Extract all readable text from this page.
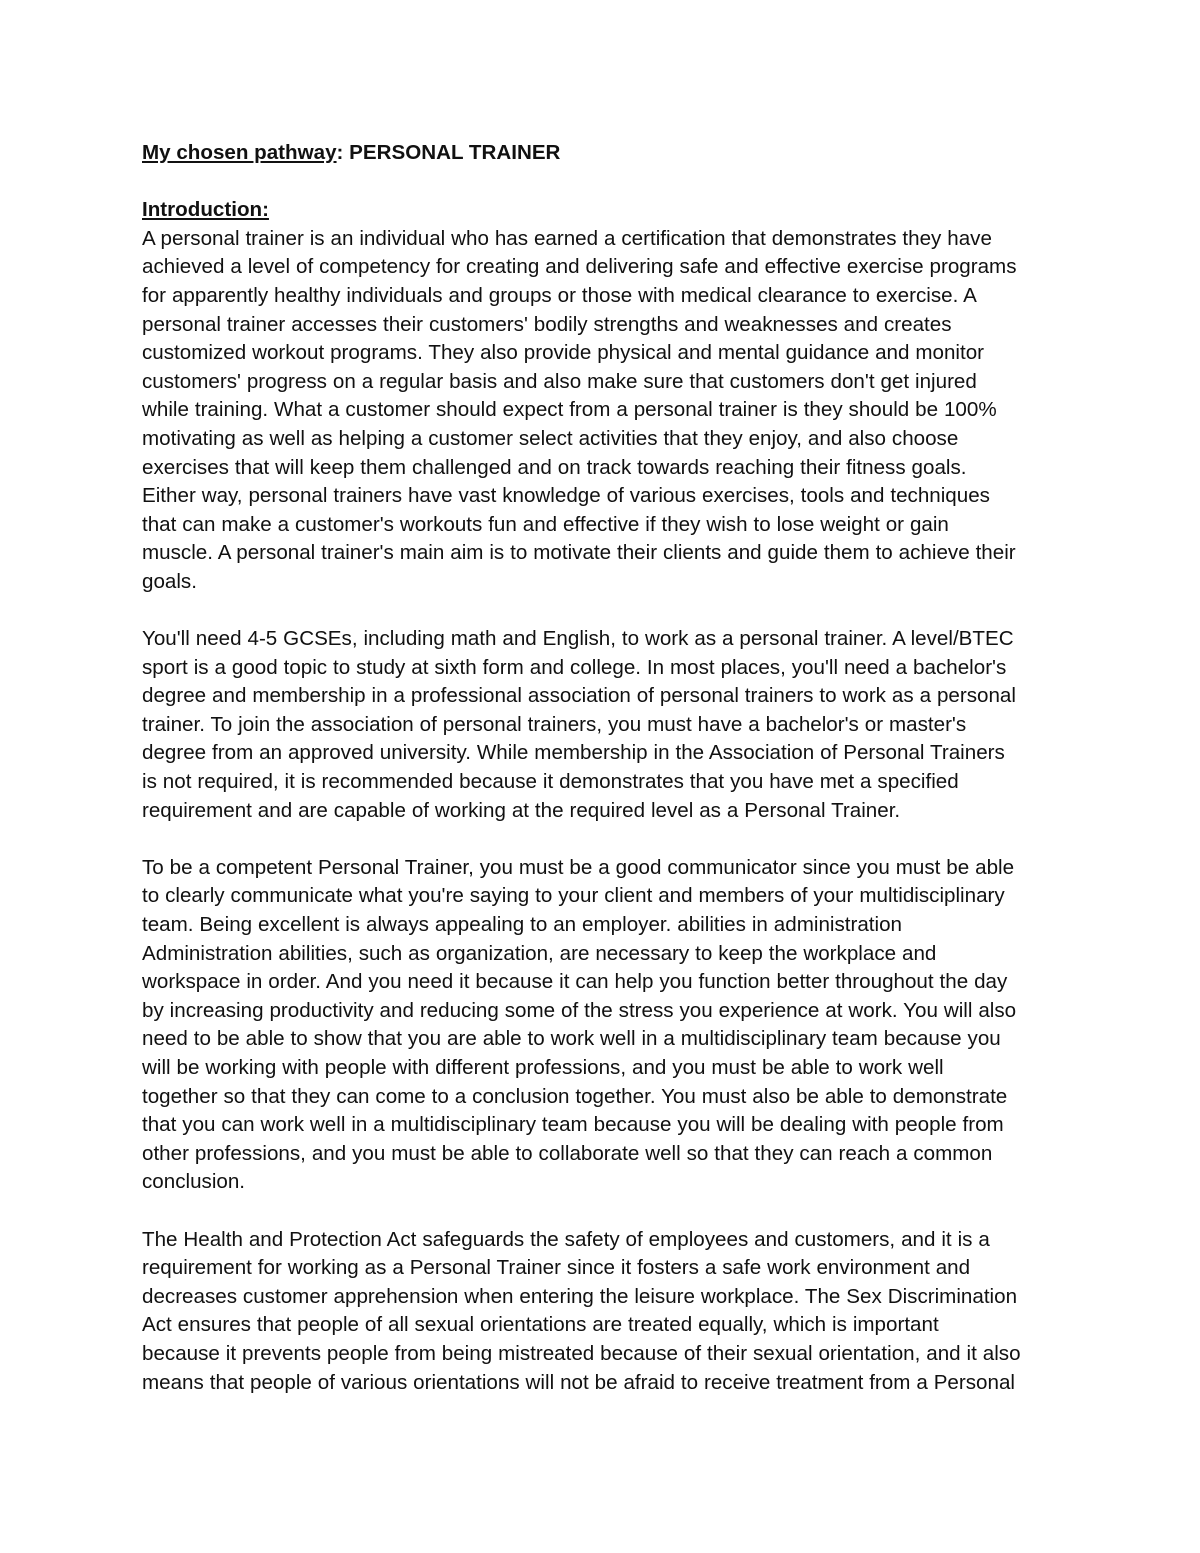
My chosen pathway: PERSONAL TRAINER
Introduction:

A personal trainer is an individual who has earned a certification that demonstrates they have
achieved a level of competency for creating and delivering safe and effective exercise programs
for apparently healthy individuals and groups or those with medical clearance to exercise. A
personal trainer accesses their customers' bodily strengths and weaknesses and creates
customized workout programs. They also provide physical and mental guidance and monitor
customers' progress on a regular basis and also make sure that customers don't get injured
while training. What a customer should expect from a personal trainer is they should be 100%
motivating as well as helping a customer select activities that they enjoy, and also choose
exercises that will keep them challenged and on track towards reaching their fitness goals.
Either way, personal trainers have vast knowledge of various exercises, tools and techniques
that can make a customer's workouts fun and effective if they wish to lose weight or gain
muscle. A personal trainer's main aim is to motivate their clients and guide them to achieve their
goals.

You'll need 4-5 GCSEs, including math and English, to work as a personal trainer. A level/BTEC
sport is a good topic to study at sixth form and college. In most places, you'll need a bachelor's
degree and membership in a professional association of personal trainers to work as a personal
trainer. To join the association of personal trainers, you must have a bachelor's or master's
degree from an approved university. While membership in the Association of Personal Trainers
is not required, it is recommended because it demonstrates that you have met a specified
requirement and are capable of working at the required level as a Personal Trainer.

To be a competent Personal Trainer, you must be a good communicator since you must be able
to clearly communicate what you're saying to your client and members of your multidisciplinary
team. Being excellent is always appealing to an employer. abilities in administration
Administration abilities, such as organization, are necessary to keep the workplace and
workspace in order. And you need it because it can help you function better throughout the day
by increasing productivity and reducing some of the stress you experience at work. You will also
need to be able to show that you are able to work well in a multidisciplinary team because you
will be working with people with different professions, and you must be able to work well
together so that they can come to a conclusion together. You must also be able to demonstrate
that you can work well in a multidisciplinary team because you will be dealing with people from
other professions, and you must be able to collaborate well so that they can reach a common
conclusion.

The Health and Protection Act safeguards the safety of employees and customers, and it is a
requirement for working as a Personal Trainer since it fosters a safe work environment and
decreases customer apprehension when entering the leisure workplace. The Sex Discrimination
Act ensures that people of all sexual orientations are treated equally, which is important
because it prevents people from being mistreated because of their sexual orientation, and it also
means that people of various orientations will not be afraid to receive treatment from a Personal
